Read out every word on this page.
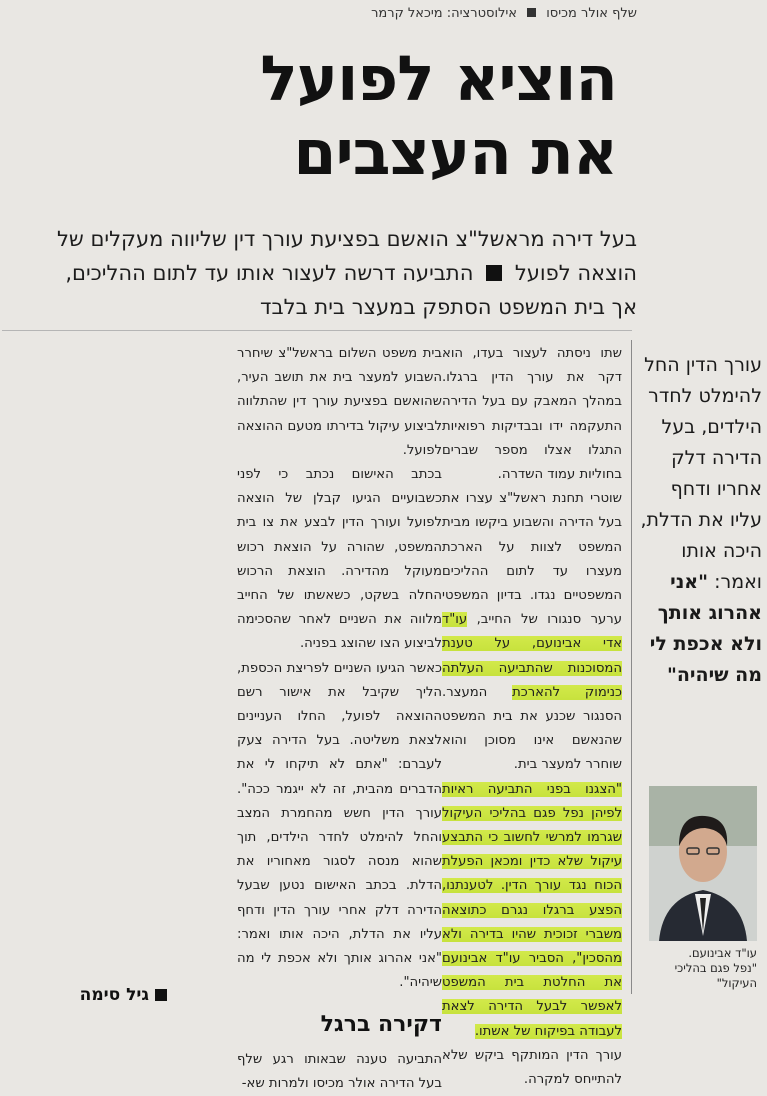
שלף אולר מכיסו  אילוסטרציה: מיכאל קרמר
הוציא לפועל
את העצבים
בעל דירה מראשל"צ הואשם בפציעת עורך דין שליווה מעקלים של הוצאה לפועל  התביעה דרשה לעצור אותו עד לתום ההליכים, אך בית המשפט הסתפק במעצר בית בלבד

בית משפט השלום בראשל"צ שיחרר השבוע למעצר בית את תושב העיר, שהואשם בפציעת עורך דין שהתלווה לביצוע עיקול בדירתו מטעם ההוצאה לפועל.

בכתב האישום נכתב כי לפני כשבועיים הגיעו קבלן של הוצאה לפועל ועורך הדין לבצע את צו בית המשפט, שהורה על הוצאת רכוש מעוקל מהדירה. הוצאת הרכוש החלה בשקט, כשאשתו של החייב מלווה את השניים לאחר שהסכימה לביצוע הצו שהוצג בפניה.

כאשר הגיעו השניים לפריצת הכספת, הליך שקיבל את אישור רשם ההוצאה לפועל, החלו העניינים לצאת משליטה. בעל הדירה צעק לעברם: "אתם לא תיקחו לי את הדברים מהבית, זה לא ייגמר ככה". עורך הדין חשש מהחמרת המצב והחל להימלט לחדר הילדים, תוך שהוא מנסה לסגור מאחוריו את הדלת. בכתב האישום נטען שבעל הדירה דלק אחרי עורך הדין ודחף עליו את הדלת, היכה אותו ואמר: "אני אהרוג אותך ולא אכפת לי מה שיהיה".

דקירה ברגל

התביעה טענה שבאותו רגע שלף בעל הדירה אולר מכיסו ולמרות שא-

שתו ניסתה לעצור בעדו, הוא דקר את עורך הדין ברגלו. במהלך המאבק עם בעל הדירה התעקמה ידו ובבדיקות רפואיות התגלו אצלו מספר שברים בחוליות עמוד השדרה.

שוטרי תחנת ראשל"צ עצרו את בעל הדירה והשבוע ביקשו מבית המשפט לצוות על הארכת מעצרו עד לתום ההליכים המשפטיים נגדו. בדיון המשפטי ערער סנגורו של החייב, עו"ד אדי אבינועם, על טענת המסוכנות שהתביעה העלתה כנימוק להארכת המעצר. הסנגור שכנע את בית המשפט שהנאשם אינו מסוכן והוא שוחרר למעצר בית.

"הצגנו בפני התביעה ראיות לפיהן נפל פגם בהליכי העיקול שגרמו למרשי לחשוב כי התבצע עיקול שלא כדין ומכאן הפעלת הכוח נגד עורך הדין. לטענתנו, הפצע ברגלו נגרם כתוצאה משברי זכוכית שהיו בדירה ולא מהסכין", הסביר עו"ד אבינועם את החלטת בית המשפט לאפשר לבעל הדירה לצאת לעבודה בפיקוח של אשתו.

עורך הדין המותקף ביקש שלא להתייחס למקרה.

גיל סימה
עורך הדין החל להימלט לחדר הילדים, בעל הדירה דלק אחריו ודחף עליו את הדלת, היכה אותו ואמר: "אני אהרוג אותך ולא אכפת לי מה שיהיה"
עו"ד אבינועם.
"נפל פגם בהליכי העיקול"
